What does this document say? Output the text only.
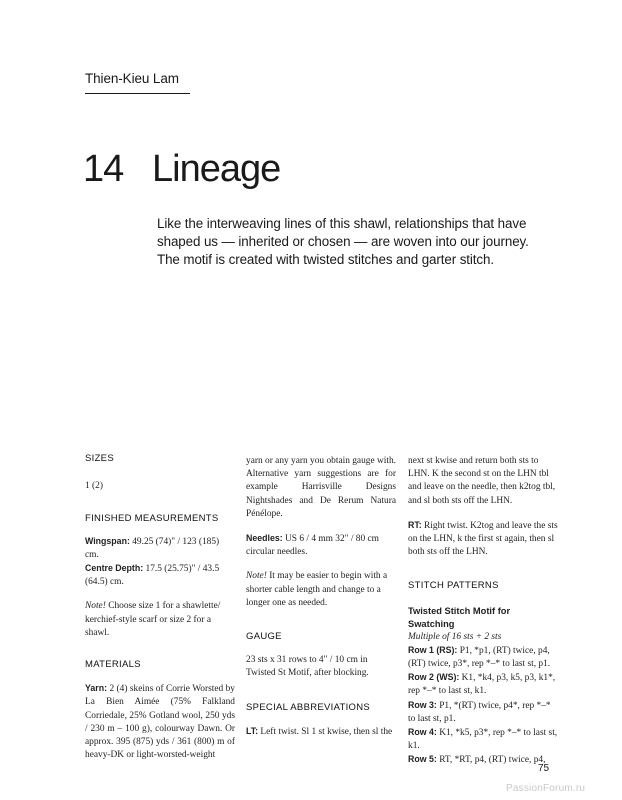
Thien-Kieu Lam
14 Lineage
Like the interweaving lines of this shawl, relationships that have
shaped us — inherited or chosen — are woven into our journey.
The motif is created with twisted stitches and garter stitch.
SIZES

1 (2)

FINISHED MEASUREMENTS

Wingspan: 49.25 (74)" / 123 (185) cm.

Centre Depth: 17.5 (25.75)" / 43.5 (64.5) cm.

Note! Choose size 1 for a shawlette/ kerchief-style scarf or size 2 for a shawl.

MATERIALS

Yarn: 2 (4) skeins of Corrie Worsted by La Bien Aimée (75% Falkland Corriedale, 25% Gotland wool, 250 yds / 230 m – 100 g), colourway Dawn. Or approx. 395 (875) yds / 361 (800) m of heavy-DK or light-worsted-weight

yarn or any yarn you obtain gauge with. Alternative yarn suggestions are for example Harrisville Designs Nightshades and De Rerum Natura Pénélope.

Needles: US 6 / 4 mm 32" / 80 cm circular needles.

Note! It may be easier to begin with a shorter cable length and change to a longer one as needed.

GAUGE

23 sts x 31 rows to 4" / 10 cm in Twisted St Motif, after blocking.

SPECIAL ABBREVIATIONS

LT: Left twist. Sl 1 st kwise, then sl the

next st kwise and return both sts to LHN. K the second st on the LHN tbl and leave on the needle, then k2tog tbl, and sl both sts off the LHN.

RT: Right twist. K2tog and leave the sts on the LHN, k the first st again, then sl both sts off the LHN.

STITCH PATTERNS
Twisted Stitch Motif for Swatching

Multiple of 16 sts + 2 sts

Row 1 (RS): P1, *p1, (RT) twice, p4, (RT) twice, p3*, rep *–* to last st, p1.

Row 2 (WS): K1, *k4, p3, k5, p3, k1*, rep *–* to last st, k1.

Row 3: P1, *(RT) twice, p4*, rep *–* to last st, p1.

Row 4: K1, *k5, p3*, rep *–* to last st, k1.

Row 5: RT, *RT, p4, (RT) twice, p4,

75
PassionForum.ru
